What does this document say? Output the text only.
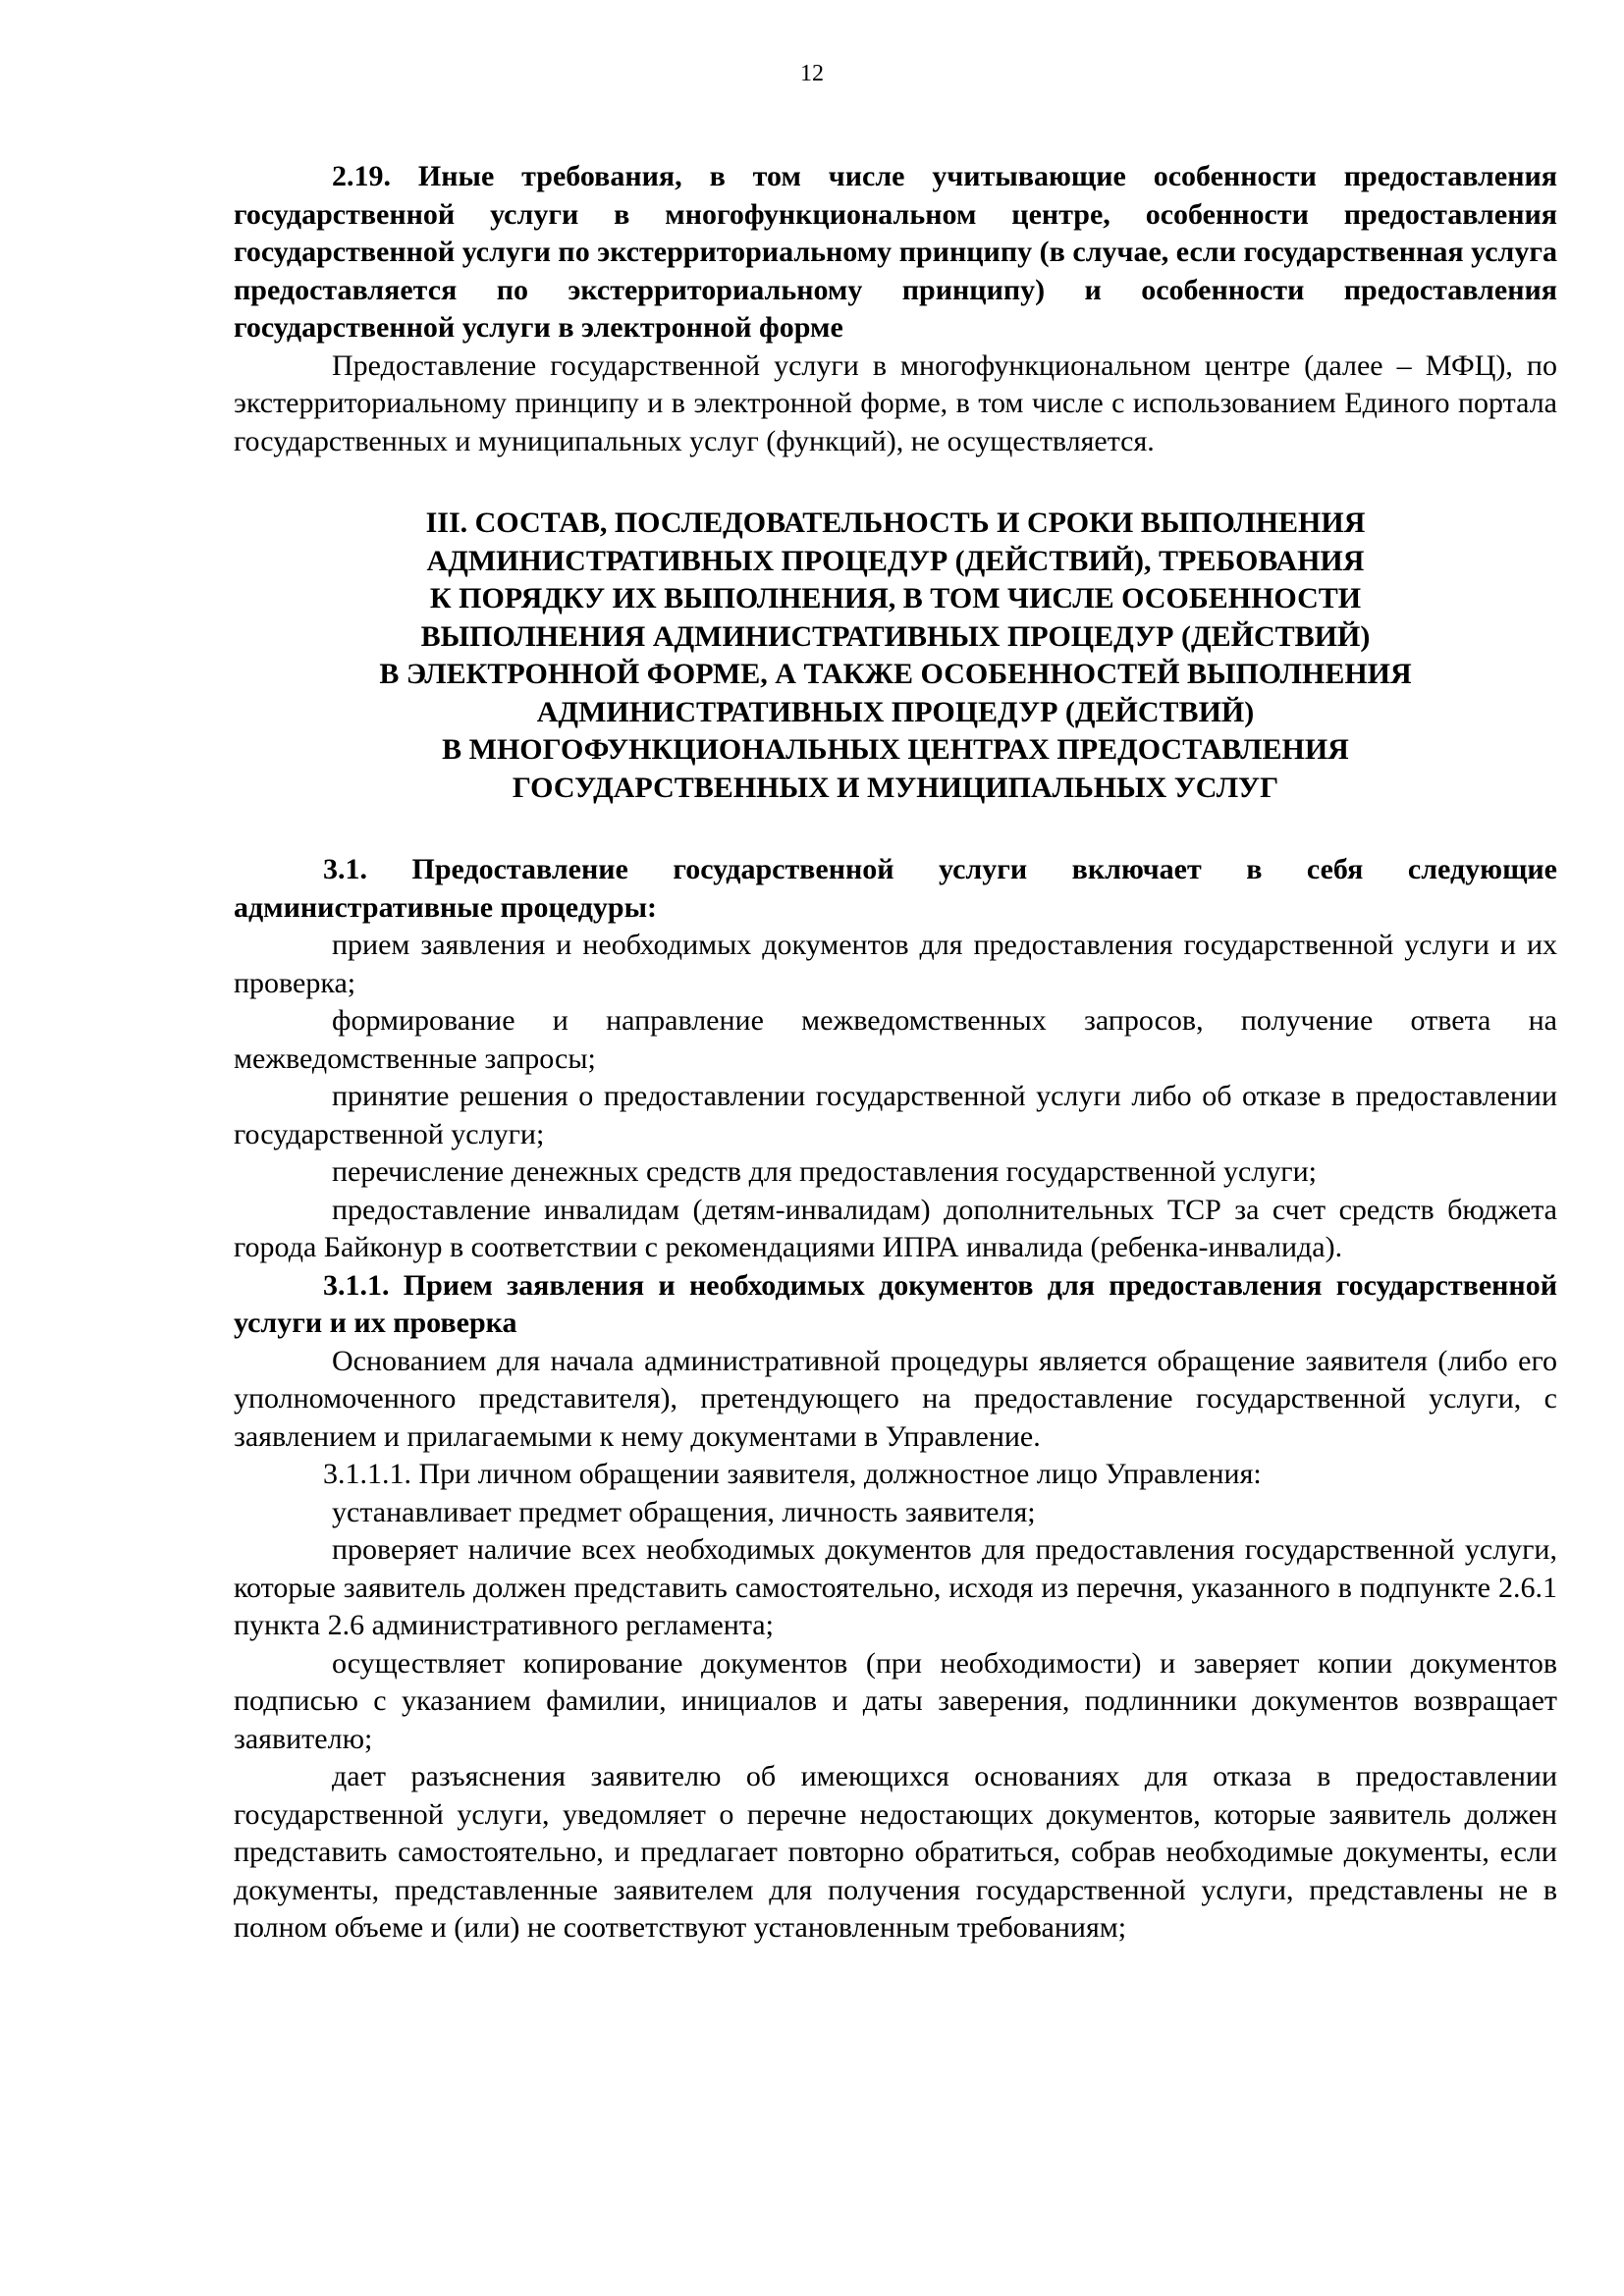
12

2.19. Иные требования, в том числе учитывающие особенности предоставления государственной услуги в многофункциональном центре, особенности предоставления государственной услуги по экстерриториальному принципу (в случае, если государственная услуга предоставляется по экстерриториальному принципу) и особенности предоставления государственной услуги в электронной форме

Предоставление государственной услуги в многофункциональном центре (далее – МФЦ), по экстерриториальному принципу и в электронной форме, в том числе с использованием Единого портала государственных и муниципальных услуг (функций), не осуществляется.

III. СОСТАВ, ПОСЛЕДОВАТЕЛЬНОСТЬ И СРОКИ ВЫПОЛНЕНИЯ

АДМИНИСТРАТИВНЫХ ПРОЦЕДУР (ДЕЙСТВИЙ), ТРЕБОВАНИЯ

К ПОРЯДКУ ИХ ВЫПОЛНЕНИЯ, В ТОМ ЧИСЛЕ ОСОБЕННОСТИ

ВЫПОЛНЕНИЯ АДМИНИСТРАТИВНЫХ ПРОЦЕДУР (ДЕЙСТВИЙ)

В ЭЛЕКТРОННОЙ ФОРМЕ, А ТАКЖЕ ОСОБЕННОСТЕЙ ВЫПОЛНЕНИЯ

АДМИНИСТРАТИВНЫХ ПРОЦЕДУР (ДЕЙСТВИЙ)

В МНОГОФУНКЦИОНАЛЬНЫХ ЦЕНТРАХ ПРЕДОСТАВЛЕНИЯ

ГОСУДАРСТВЕННЫХ И МУНИЦИПАЛЬНЫХ УСЛУГ

3.1. Предоставление государственной услуги включает в себя следующие административные процедуры:

прием заявления и необходимых документов для предоставления государственной услуги и их проверка;

формирование и направление межведомственных запросов, получение ответа на межведомственные запросы;

принятие решения о предоставлении государственной услуги либо об отказе в предоставлении государственной услуги;

перечисление денежных средств для предоставления государственной услуги;

предоставление инвалидам (детям-инвалидам) дополнительных ТСР за счет средств бюджета города Байконур в соответствии с рекомендациями ИПРА инвалида (ребенка-инвалида).

3.1.1. Прием заявления и необходимых документов для предоставления государственной услуги и их проверка

Основанием для начала административной процедуры является обращение заявителя (либо его уполномоченного представителя), претендующего на предоставление государственной услуги, с заявлением и прилагаемыми к нему документами в Управление.

3.1.1.1. При личном обращении заявителя, должностное лицо Управления:

устанавливает предмет обращения, личность заявителя;

проверяет наличие всех необходимых документов для предоставления государственной услуги, которые заявитель должен представить самостоятельно, исходя из перечня, указанного в подпункте 2.6.1 пункта 2.6 административного регламента;

осуществляет копирование документов (при необходимости) и заверяет копии документов подписью с указанием фамилии, инициалов и даты заверения, подлинники документов возвращает заявителю;

дает разъяснения заявителю об имеющихся основаниях для отказа в предоставлении государственной услуги, уведомляет о перечне недостающих документов, которые заявитель должен представить самостоятельно, и предлагает повторно обратиться, собрав необходимые документы, если документы, представленные заявителем для получения государственной услуги, представлены не в полном объеме и (или) не соответствуют установленным требованиям;
